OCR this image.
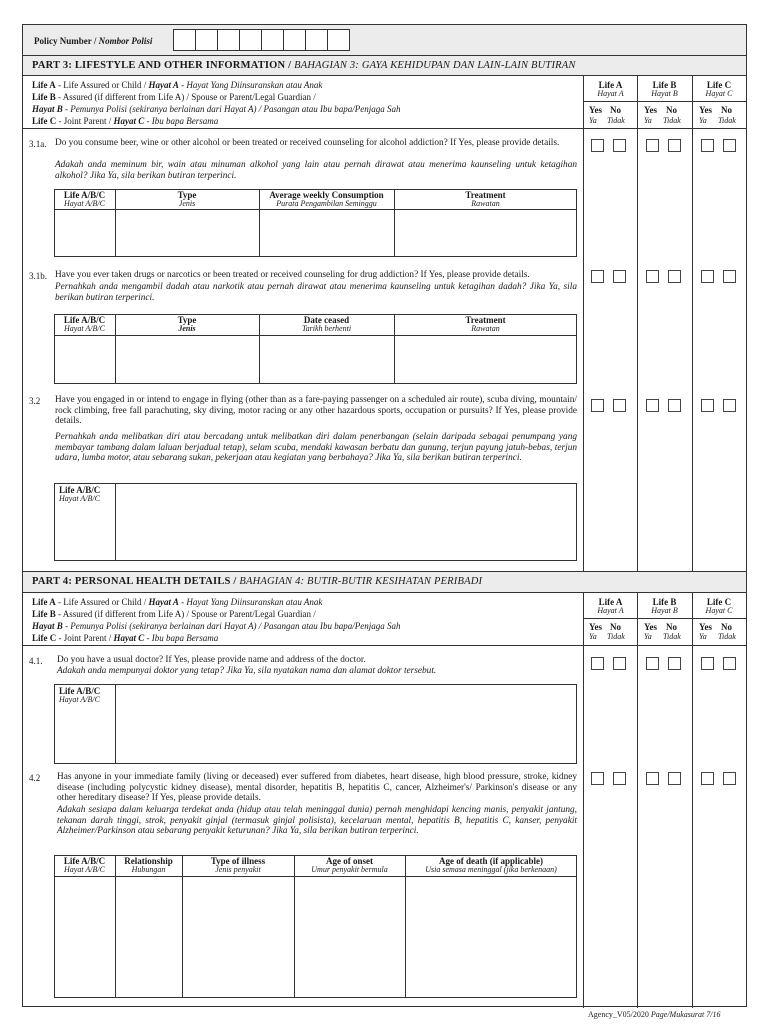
Policy Number / Nombor Polisi
PART 3: LIFESTYLE AND OTHER INFORMATION / BAHAGIAN 3: GAYA KEHIDUPAN DAN LAIN-LAIN BUTIRAN
Life A - Life Assured or Child / Hayat A - Hayat Yang Diinsuranskan atau Anak
Life B - Assured (if different from Life A) / Spouse or Parent/Legal Guardian /
Hayat B - Pemunya Polisi (sekiranya berlainan dari Hayat A) / Pasangan atau Ibu bapa/Penjaga Sah
Life C - Joint Parent / Hayat C - Ibu bapa Bersama
Life A
Hayat A
Life B
Hayat B
Life C
Hayat C
Yes No
Ya Tidak
Yes No
Ya Tidak
Yes No
Ya Tidak
3.1a. Do you consume beer, wine or other alcohol or been treated or received counseling for alcohol addiction? If Yes, please provide details.
Adakah anda meminum bir, wain atau minuman alkohol yang lain atau pernah dirawat atau menerima kaunseling untuk ketagihan alkohol? Jika Ya, sila berikan butiran terperinci.
Life A/B/C
Hayat A/B/C
Type
Jenis
Average weekly Consumption
Purata Pengambilan Seminggu
Treatment
Rawatan
3.1b. Have you ever taken drugs or narcotics or been treated or received counseling for drug addiction? If Yes, please provide details.
Pernahkah anda mengambil dadah atau narkotik atau pernah dirawat atau menerima kaunseling untuk ketagihan dadah? Jika Ya, sila berikan butiran terperinci.
Life A/B/C
Hayat A/B/C
Type
Jenis
Date ceased
Tarikh berhenti
Treatment
Rawatan
3.2 Have you engaged in or intend to engage in flying (other than as a fare-paying passenger on a scheduled air route), scuba diving, mountain/ rock climbing, free fall parachuting, sky diving, motor racing or any other hazardous sports, occupation or pursuits? If Yes, please provide details.
Pernahkah anda melibatkan diri atau bercadang untuk melibatkan diri dalam penerbangan (selain daripada sebagai penumpang yang membayar tambang dalam laluan berjadual tetap), selam scuba, mendaki kawasan berbatu dan gunung, terjun payung jatuh-bebas, terjun udara, lumba motor, atau sebarang sukan, pekerjaan atau kegiatan yang berbahaya? Jika Ya, sila berikan butiran terperinci.
Life A/B/C
Hayat A/B/C
PART 4: PERSONAL HEALTH DETAILS / BAHAGIAN 4: BUTIR-BUTIR KESIHATAN PERIBADI
Life A - Life Assured or Child / Hayat A - Hayat Yang Diinsuranskan atau Anak
Life B - Assured (if different from Life A) / Spouse or Parent/Legal Guardian /
Hayat B - Pemunya Polisi (sekiranya berlainan dari Hayat A) / Pasangan atau Ibu bapa/Penjaga Sah
Life C - Joint Parent / Hayat C - Ibu bapa Bersama
Life A
Hayat A
Life B
Hayat B
Life C
Hayat C
Yes No
Ya Tidak
Yes No
Ya Tidak
Yes No
Ya Tidak
4.1. Do you have a usual doctor? If Yes, please provide name and address of the doctor.
Adakah anda mempunyai doktor yang tetap? Jika Ya, sila nyatakan nama dan alamat doktor tersebut.
Life A/B/C
Hayat A/B/C
4.2 Has anyone in your immediate family (living or deceased) ever suffered from diabetes, heart disease, high blood pressure, stroke, kidney disease (including polycystic kidney disease), mental disorder, hepatitis B, hepatitis C, cancer, Alzheimer's/ Parkinson's disease or any other hereditary disease? If Yes, please provide details.
Adakah sesiapa dalam keluarga terdekat anda (hidup atau telah meninggal dunia) pernah menghidapi kencing manis, penyakit jantung, tekanan darah tinggi, strok, penyakit ginjal (termasuk ginjal polisista), kecelaruan mental, hepatitis B, hepatitis C, kanser, penyakit Alzheimer/Parkinson atau sebarang penyakit keturunan? Jika Ya, sila berikan butiran terperinci.
Life A/B/C
Hayat A/B/C
Relationship
Hubungan
Type of illness
Jenis penyakit
Age of onset
Umur penyakit bermula
Age of death (if applicable)
Usia semasa meninggal (jika berkenaan)
Agency_V05/2020 Page/Mukasurat 7/16
